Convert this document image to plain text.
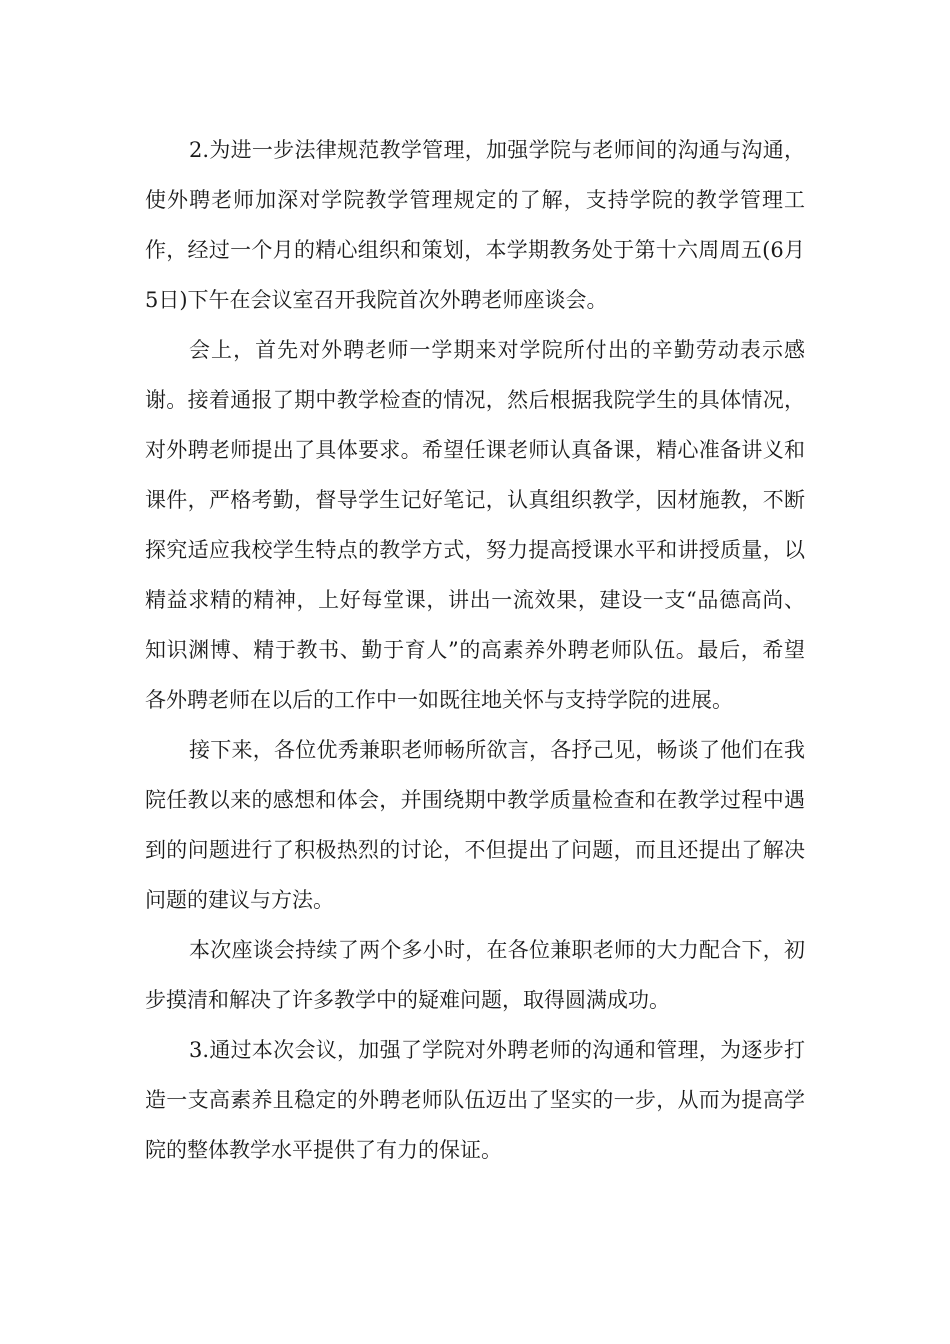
2.为进一步法律规范教学管理，加强学院与老师间的沟通与沟通，使外聘老师加深对学院教学管理规定的了解，支持学院的教学管理工作，经过一个月的精心组织和策划，本学期教务处于第十六周周五(6月5日)下午在会议室召开我院首次外聘老师座谈会。

会上，首先对外聘老师一学期来对学院所付出的辛勤劳动表示感谢。接着通报了期中教学检查的情况，然后根据我院学生的具体情况，对外聘老师提出了具体要求。希望任课老师认真备课，精心准备讲义和课件，严格考勤，督导学生记好笔记，认真组织教学，因材施教，不断探究适应我校学生特点的教学方式，努力提高授课水平和讲授质量，以精益求精的精神，上好每堂课，讲出一流效果，建设一支“品德高尚、知识渊博、精于教书、勤于育人”的高素养外聘老师队伍。最后，希望各外聘老师在以后的工作中一如既往地关怀与支持学院的进展。

接下来，各位优秀兼职老师畅所欲言，各抒己见，畅谈了他们在我院任教以来的感想和体会，并围绕期中教学质量检查和在教学过程中遇到的问题进行了积极热烈的讨论，不但提出了问题，而且还提出了解决问题的建议与方法。

本次座谈会持续了两个多小时，在各位兼职老师的大力配合下，初步摸清和解决了许多教学中的疑难问题，取得圆满成功。

3.通过本次会议，加强了学院对外聘老师的沟通和管理，为逐步打造一支高素养且稳定的外聘老师队伍迈出了坚实的一步，从而为提高学院的整体教学水平提供了有力的保证。
